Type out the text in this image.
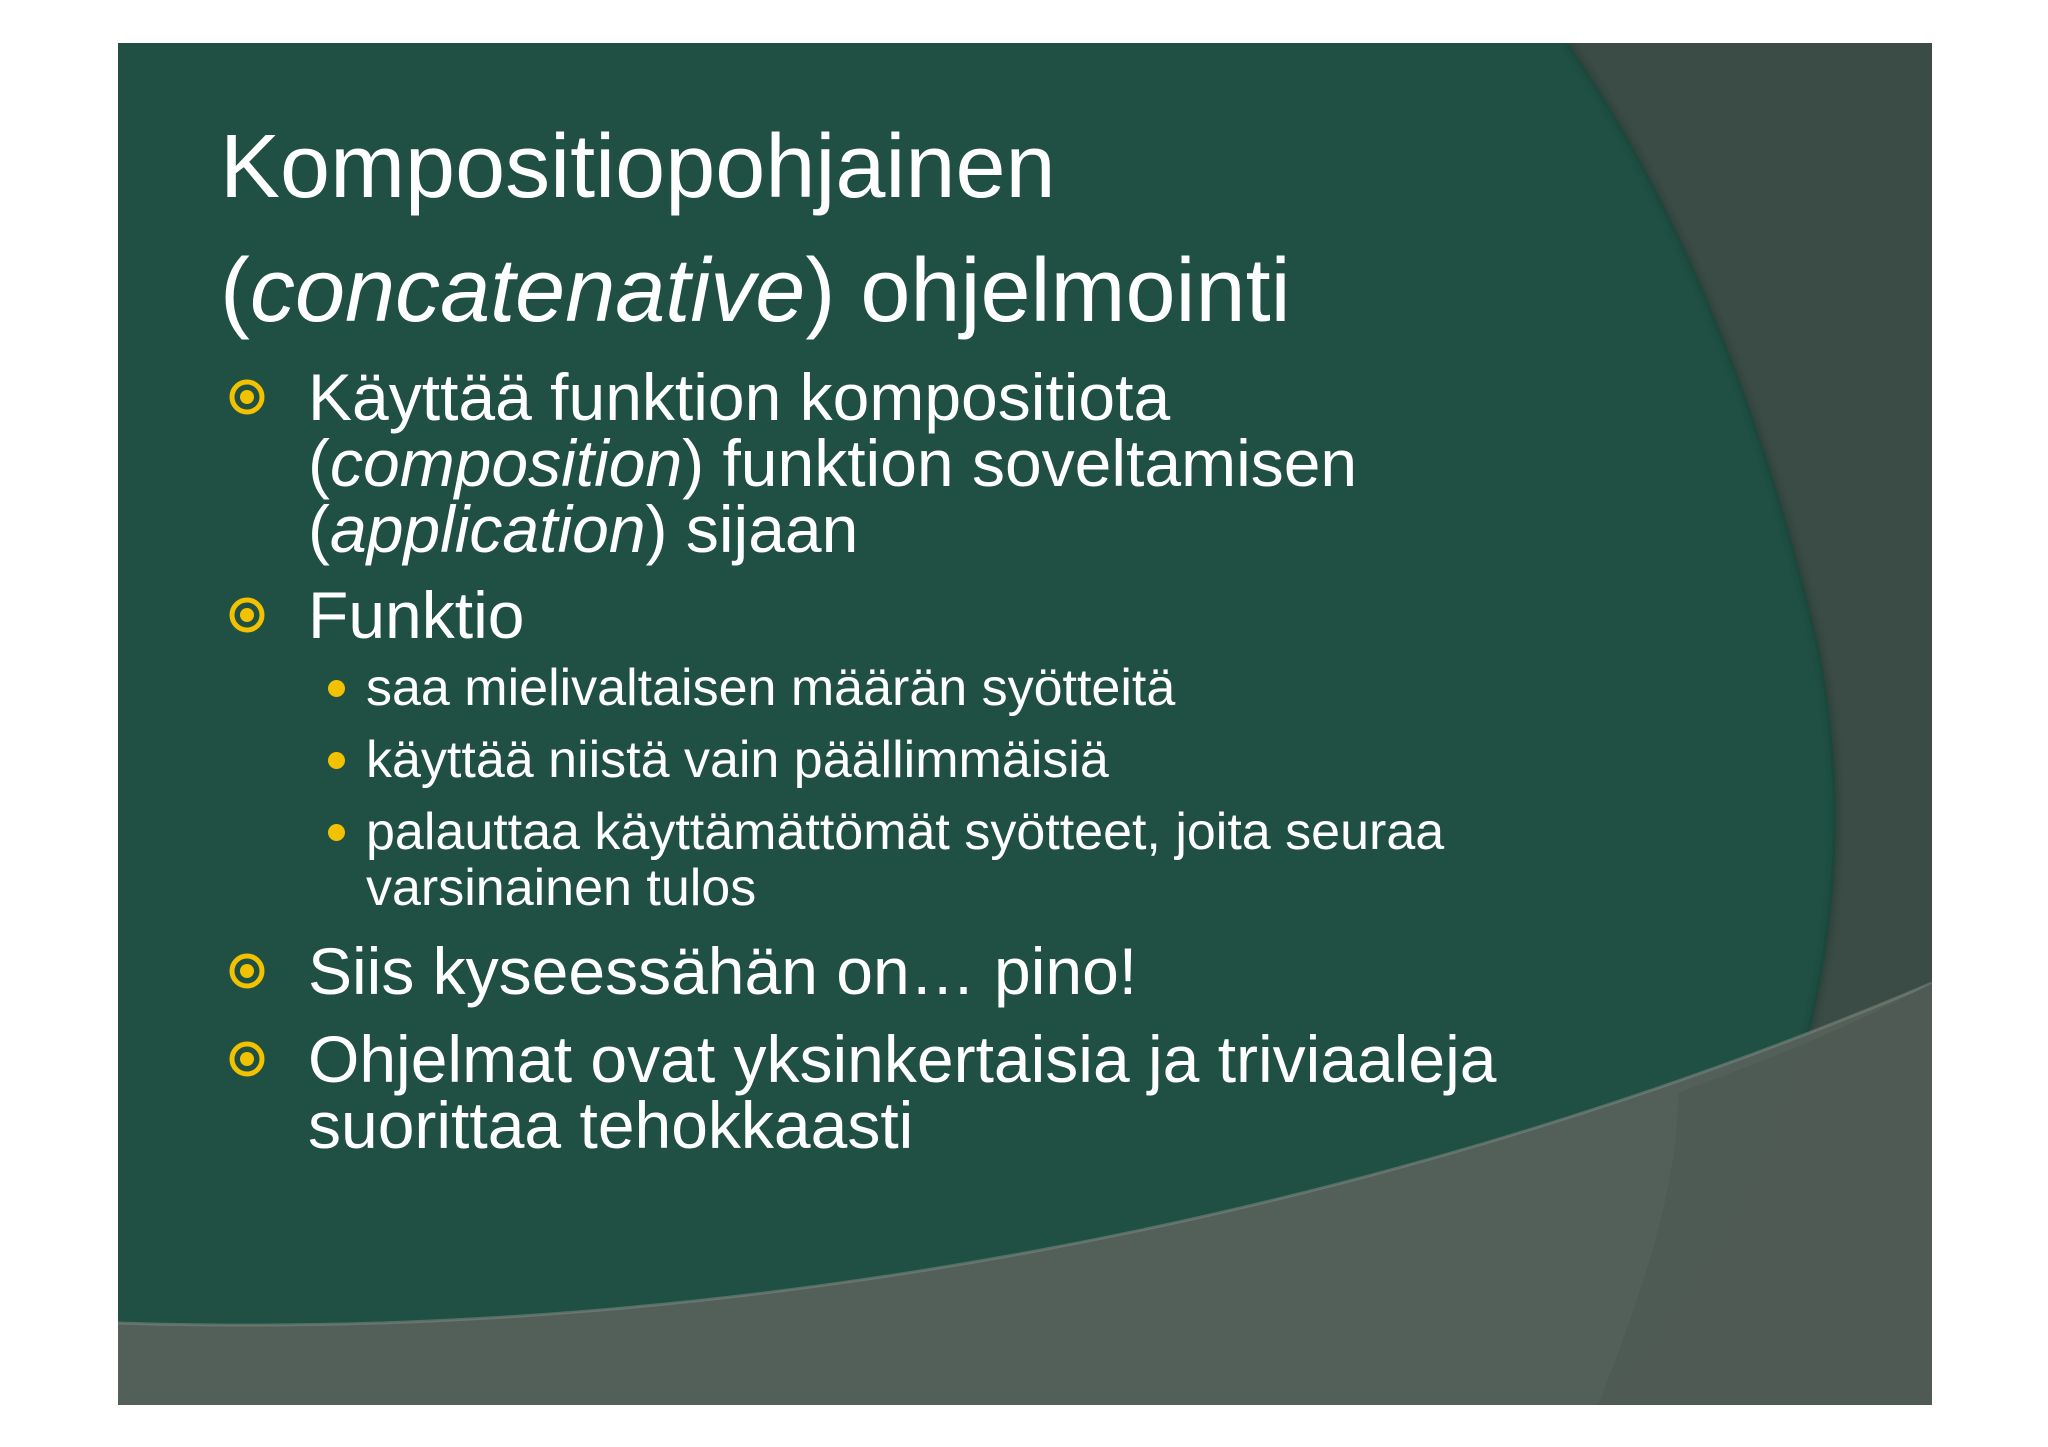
Kompositiopohjainen
(concatenative) ohjelmointi
Käyttää funktion kompositiota
(composition) funktion soveltamisen
(application) sijaan
Funktio
saa mielivaltaisen määrän syötteitä
käyttää niistä vain päällimmäisiä
palauttaa käyttämättömät syötteet, joita seuraa
varsinainen tulos
Siis kyseessähän on… pino!
Ohjelmat ovat yksinkertaisia ja triviaaleja
suorittaa tehokkaasti
